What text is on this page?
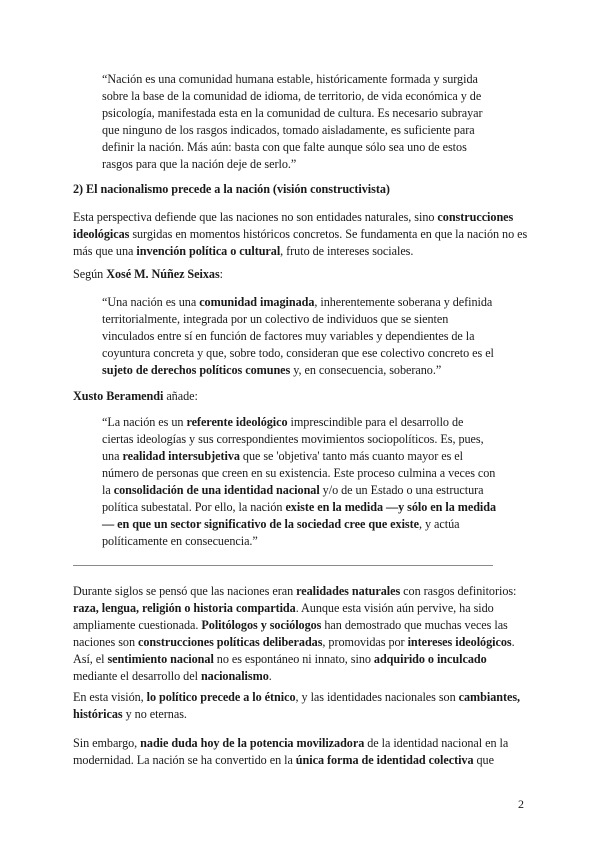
“Nación es una comunidad humana estable, históricamente formada y surgida sobre la base de la comunidad de idioma, de territorio, de vida económica y de psicología, manifestada esta en la comunidad de cultura. Es necesario subrayar que ninguno de los rasgos indicados, tomado aisladamente, es suficiente para definir la nación. Más aún: basta con que falte aunque sólo sea uno de estos rasgos para que la nación deje de serlo.”
2) El nacionalismo precede a la nación (visión constructivista)
Esta perspectiva defiende que las naciones no son entidades naturales, sino construcciones ideológicas surgidas en momentos históricos concretos. Se fundamenta en que la nación no es más que una invención política o cultural, fruto de intereses sociales.
Según Xosé M. Núñez Seixas:
“Una nación es una comunidad imaginada, inherentemente soberana y definida territorialmente, integrada por un colectivo de individuos que se sienten vinculados entre sí en función de factores muy variables y dependientes de la coyuntura concreta y que, sobre todo, consideran que ese colectivo concreto es el sujeto de derechos políticos comunes y, en consecuencia, soberano.”
Xusto Beramendi añade:
“La nación es un referente ideológico imprescindible para el desarrollo de ciertas ideologías y sus correspondientes movimientos sociopolíticos. Es, pues, una realidad intersubjetiva que se 'objetiva' tanto más cuanto mayor es el número de personas que creen en su existencia. Este proceso culmina a veces con la consolidación de una identidad nacional y/o de un Estado o una estructura política subestatal. Por ello, la nación existe en la medida —y sólo en la medida— en que un sector significativo de la sociedad cree que existe, y actúa políticamente en consecuencia.”
Durante siglos se pensó que las naciones eran realidades naturales con rasgos definitorios: raza, lengua, religión o historia compartida. Aunque esta visión aún pervive, ha sido ampliamente cuestionada. Politólogos y sociólogos han demostrado que muchas veces las naciones son construcciones políticas deliberadas, promovidas por intereses ideológicos. Así, el sentimiento nacional no es espontáneo ni innato, sino adquirido o inculcado mediante el desarrollo del nacionalismo.
En esta visión, lo político precede a lo étnico, y las identidades nacionales son cambiantes, históricas y no eternas.
Sin embargo, nadie duda hoy de la potencia movilizadora de la identidad nacional en la modernidad. La nación se ha convertido en la única forma de identidad colectiva que
2
